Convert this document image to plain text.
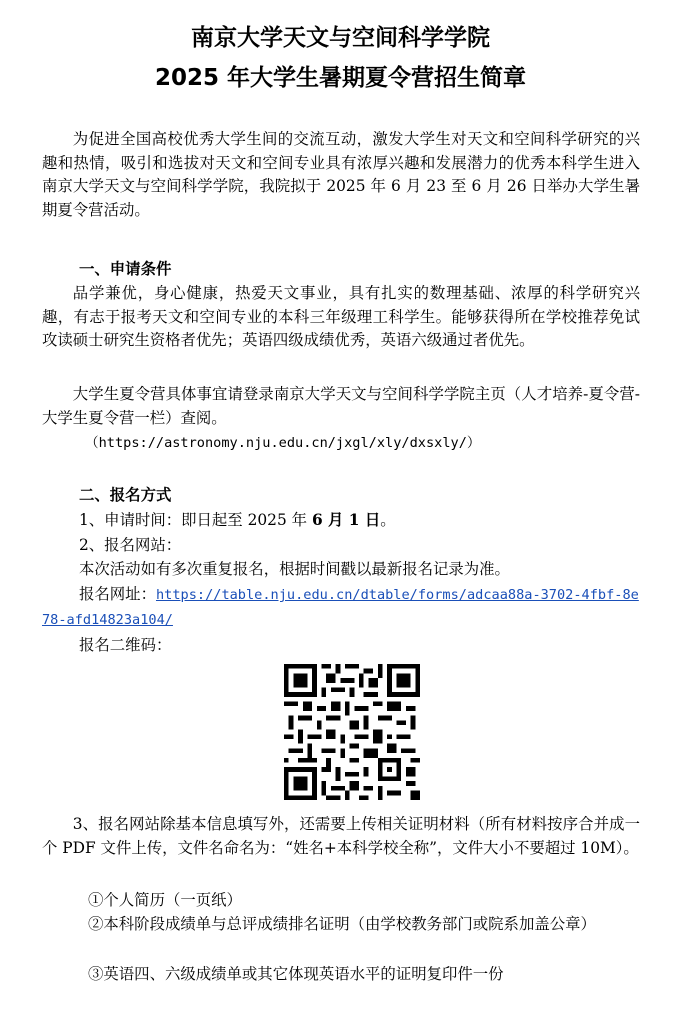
南京大学天文与空间科学学院
2025 年大学生暑期夏令营招生简章

为促进全国高校优秀大学生间的交流互动，激发大学生对天文和空间科学研究的兴趣和热情，吸引和选拔对天文和空间专业具有浓厚兴趣和发展潜力的优秀本科学生进入南京大学天文与空间科学学院，我院拟于 2025 年 6 月 23 至 6 月 26 日举办大学生暑期夏令营活动。

一、申请条件

品学兼优，身心健康，热爱天文事业，具有扎实的数理基础、浓厚的科学研究兴趣，有志于报考天文和空间专业的本科三年级理工科学生。能够获得所在学校推荐免试攻读硕士研究生资格者优先；英语四级成绩优秀，英语六级通过者优先。

大学生夏令营具体事宜请登录南京大学天文与空间科学学院主页（人才培养-夏令营-大学生夏令营一栏）查阅。

（https://astronomy.nju.edu.cn/jxgl/xly/dxsxly/）

二、报名方式

1、申请时间：即日起至 2025 年 6 月 1 日。

2、报名网站：

本次活动如有多次重复报名，根据时间戳以最新报名记录为准。

报名网址：https://table.nju.edu.cn/dtable/forms/adcaa88a-3702-4fbf-8e78-afd14823a104/

报名二维码：

3、报名网站除基本信息填写外，还需要上传相关证明材料（所有材料按序合并成一个 PDF 文件上传，文件名命名为：“姓名+本科学校全称”，文件大小不要超过 10M）。

①个人简历（一页纸）

②本科阶段成绩单与总评成绩排名证明（由学校教务部门或院系加盖公章）

③英语四、六级成绩单或其它体现英语水平的证明复印件一份
